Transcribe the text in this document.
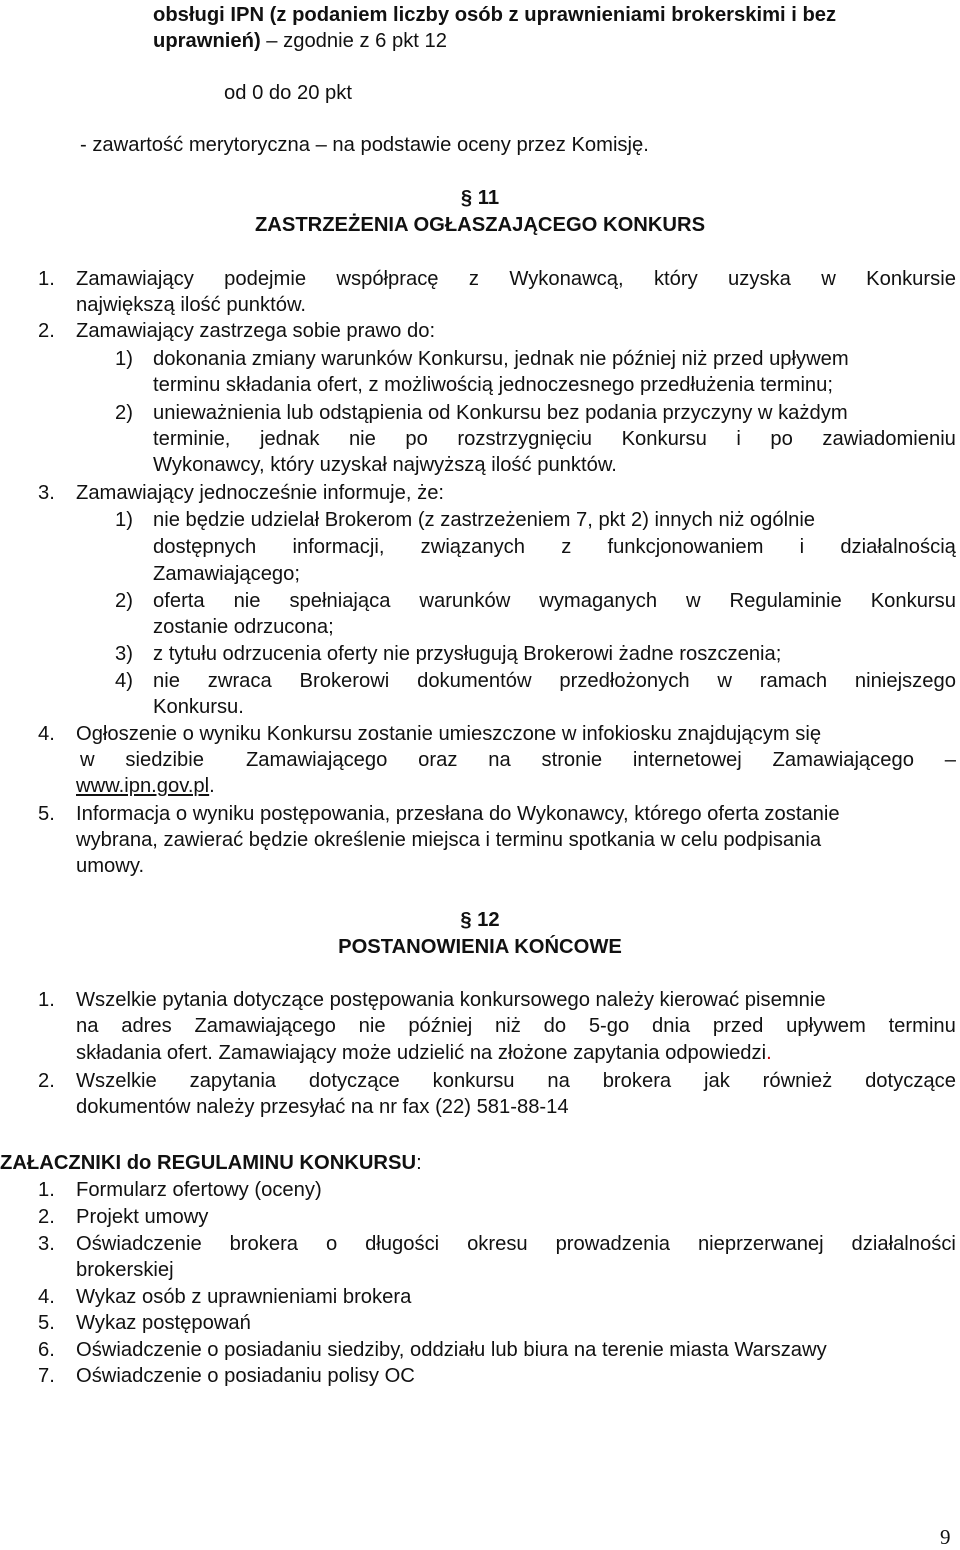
obsługi IPN (z podaniem liczby osób z uprawnieniami brokerskimi i bez
uprawnień) – zgodnie z 6 pkt 12
od 0 do 20 pkt
- zawartość merytoryczna – na podstawie oceny przez Komisję.
§ 11
ZASTRZEŻENIA OGŁASZAJĄCEGO KONKURS
1. Zamawiający podejmie współpracę z Wykonawcą, który uzyska w Konkursie
największą ilość punktów.
2. Zamawiający zastrzega sobie prawo do:
1) dokonania zmiany warunków Konkursu, jednak nie później niż przed upływem
terminu składania ofert, z możliwością jednoczesnego przedłużenia terminu;
2) unieważnienia lub odstąpienia od Konkursu bez podania przyczyny w każdym
terminie, jednak nie po rozstrzygnięciu Konkursu i po zawiadomieniu
Wykonawcy, który uzyskał najwyższą ilość punktów.
3. Zamawiający jednocześnie informuje, że:
1) nie będzie udzielał Brokerom (z zastrzeżeniem 7, pkt 2) innych niż ogólnie
dostępnych informacji, związanych z funkcjonowaniem i działalnością
Zamawiającego;
2) oferta nie spełniająca warunków wymaganych w Regulaminie Konkursu
zostanie odrzucona;
3) z tytułu odrzucenia oferty nie przysługują Brokerowi żadne roszczenia;
4) nie zwraca Brokerowi dokumentów przedłożonych w ramach niniejszego
Konkursu.
4. Ogłoszenie o wyniku Konkursu zostanie umieszczone w infokiosku znajdującym się
w siedzibie Zamawiającego oraz na stronie internetowej Zamawiającego –
www.ipn.gov.pl.
5. Informacja o wyniku postępowania, przesłana do Wykonawcy, którego oferta zostanie
wybrana, zawierać będzie określenie miejsca i terminu spotkania w celu podpisania
umowy.
§ 12
POSTANOWIENIA KOŃCOWE
1. Wszelkie pytania dotyczące postępowania konkursowego należy kierować pisemnie
na adres Zamawiającego nie później niż do 5-go dnia przed upływem terminu
składania ofert. Zamawiający może udzielić na złożone zapytania odpowiedzi.
2. Wszelkie zapytania dotyczące konkursu na brokera jak również dotyczące
dokumentów należy przesyłać na nr fax (22) 581-88-14
ZAŁACZNIKI do REGULAMINU KONKURSU:
1. Formularz ofertowy (oceny)
2. Projekt umowy
3. Oświadczenie brokera o długości okresu prowadzenia nieprzerwanej działalności
brokerskiej
4. Wykaz osób z uprawnieniami brokera
5. Wykaz postępowań
6. Oświadczenie o posiadaniu siedziby, oddziału lub biura na terenie miasta Warszawy
7. Oświadczenie o posiadaniu polisy OC
9
